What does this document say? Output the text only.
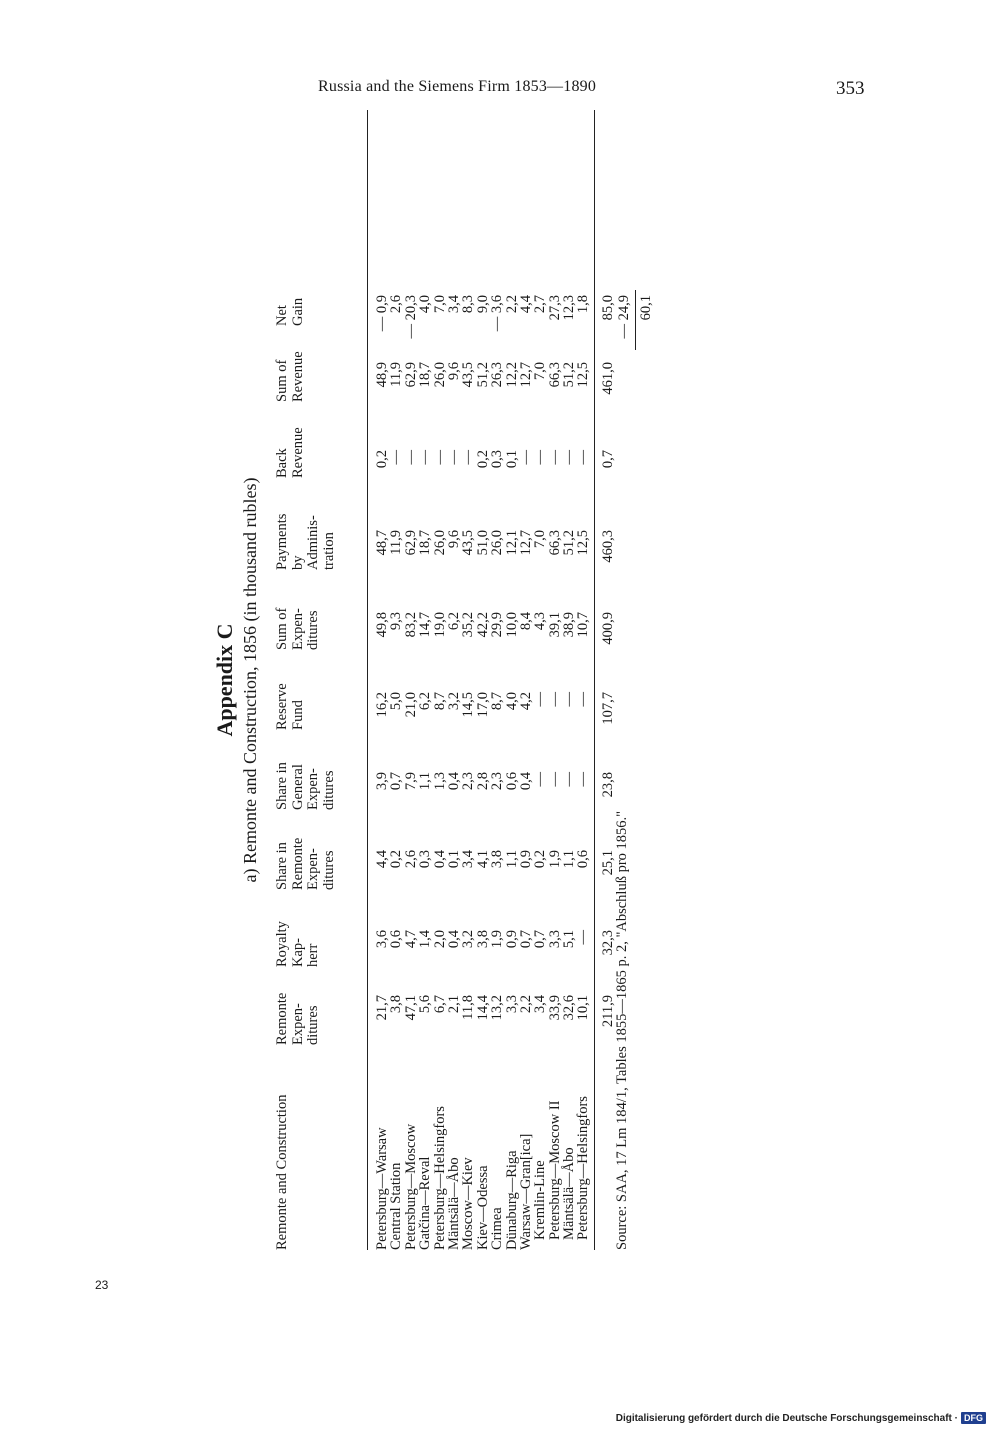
Russia and the Siemens Firm 1853—1890	353
23
Appendix C a) Remonte and Construction, 1856 (in thousand rubles)
Remonte and Construction
Remonte
Expen-
ditures
Royalty
Kap-
herr
Share in
Remonte
Expen-
ditures
Share in
General
Expen-
ditures
Reserve
Fund
Sum of
Expen-
ditures
Payments
by
Adminis-
tration
Back
Revenue
Sum of
Revenue
Net
Gain
Petersburg—Warsaw
21,7
3,6
4,4
3,9
16,2
49,8
48,7
0,2
48,9
— 0,9
Central Station
3,8
0,6
0,2
0,7
5,0
9,3
11,9
—
11,9
2,6
Petersburg—Moscow
47,1
4,7
2,6
7,9
21,0
83,2
62,9
—
62,9
— 20,3
Gatčina—Reval
5,6
1,4
0,3
1,1
6,2
14,7
18,7
—
18,7
4,0
Petersburg—Helsingfors
6,7
2,0
0,4
1,3
8,7
19,0
26,0
—
26,0
7,0
Mäntsälä—Åbo
2,1
0,4
0,1
0,4
3,2
6,2
9,6
—
9,6
3,4
Moscow—Kiev
11,8
3,2
3,4
2,3
14,5
35,2
43,5
—
43,5
8,3
Kiev—Odessa
14,4
3,8
4,1
2,8
17,0
42,2
51,0
0,2
51,2
9,0
Crimea
13,2
1,9
3,8
2,3
8,7
29,9
26,0
0,3
26,3
— 3,6
Dünaburg—Riga
3,3
0,9
1,1
0,6
4,0
10,0
12,1
0,1
12,2
2,2
Warsaw—Gran[ica]
2,2
0,7
0,9
0,4
4,2
8,4
12,7
—
12,7
4,4
Kremlin-Line
3,4
0,7
0,2
—
—
4,3
7,0
—
7,0
2,7
Petersburg—Moscow II
33,9
3,3
1,9
—
—
39,1
66,3
—
66,3
27,3
Mäntsälä—Åbo
32,6
5,1
1,1
—
—
38,9
51,2
—
51,2
12,3
Petersburg—Helsingfors
10,1
—
0,6
—
—
10,7
12,5
—
12,5
1,8
211,9
32,3
25,1
23,8
107,7
400,9
460,3
0,7
461,0
85,0 — 24,9 60,1
Source: SAA, 17 Lm 184/1, Tables 1855—1865 p. 2, "Abschluß pro 1856."
Digitalisierung gefördert durch die Deutsche Forschungsgemeinschaft · DFG
